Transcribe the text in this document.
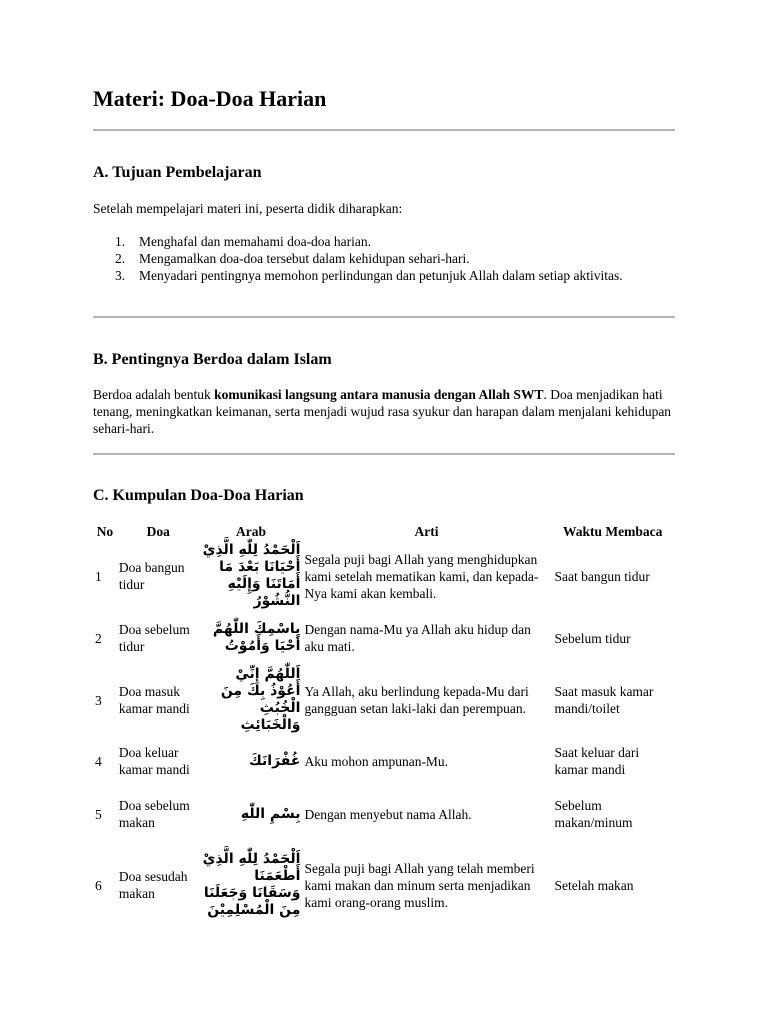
Materi: Doa-Doa Harian
A. Tujuan Pembelajaran

Setelah mempelajari materi ini, peserta didik diharapkan:

1. Menghafal dan memahami doa-doa harian.
2. Mengamalkan doa-doa tersebut dalam kehidupan sehari-hari.
3. Menyadari pentingnya memohon perlindungan dan petunjuk Allah dalam setiap aktivitas.
B. Pentingnya Berdoa dalam Islam

Berdoa adalah bentuk komunikasi langsung antara manusia dengan Allah SWT. Doa menjadikan hati tenang, meningkatkan keimanan, serta menjadi wujud rasa syukur dan harapan dalam menjalani kehidupan sehari-hari.

C. Kumpulan Doa-Doa Harian
No	Doa	Arab	Arti	Waktu Membaca
1	Doa bangun tidur	اَلْحَمْدُ لِلّٰهِ الَّذِيْ أَحْيَانَا بَعْدَ مَا أَمَاتَنَا وَإِلَيْهِ النُّشُوْرُ	Segala puji bagi Allah yang menghidupkan kami setelah mematikan kami, dan kepada-Nya kami akan kembali.	Saat bangun tidur
2	Doa sebelum tidur	بِاسْمِكَ اللّٰهُمَّ أَحْيَا وَأَمُوْتُ	Dengan nama-Mu ya Allah aku hidup dan aku mati.	Sebelum tidur
3	Doa masuk kamar mandi	اَللّٰهُمَّ إِنِّيْ أَعُوْذُ بِكَ مِنَ الْخُبُثِ وَالْخَبَائِثِ	Ya Allah, aku berlindung kepada-Mu dari gangguan setan laki-laki dan perempuan.	Saat masuk kamar mandi/toilet
4	Doa keluar kamar mandi	غُفْرَانَكَ	Aku mohon ampunan-Mu.	Saat keluar dari kamar mandi
5	Doa sebelum makan	بِسْمِ اللّٰهِ	Dengan menyebut nama Allah.	Sebelum makan/minum
6	Doa sesudah makan	اَلْحَمْدُ لِلّٰهِ الَّذِيْ أَطْعَمَنَا وَسَقَانَا وَجَعَلَنَا مِنَ الْمُسْلِمِيْنَ	Segala puji bagi Allah yang telah memberi kami makan dan minum serta menjadikan kami orang-orang muslim.	Setelah makan
